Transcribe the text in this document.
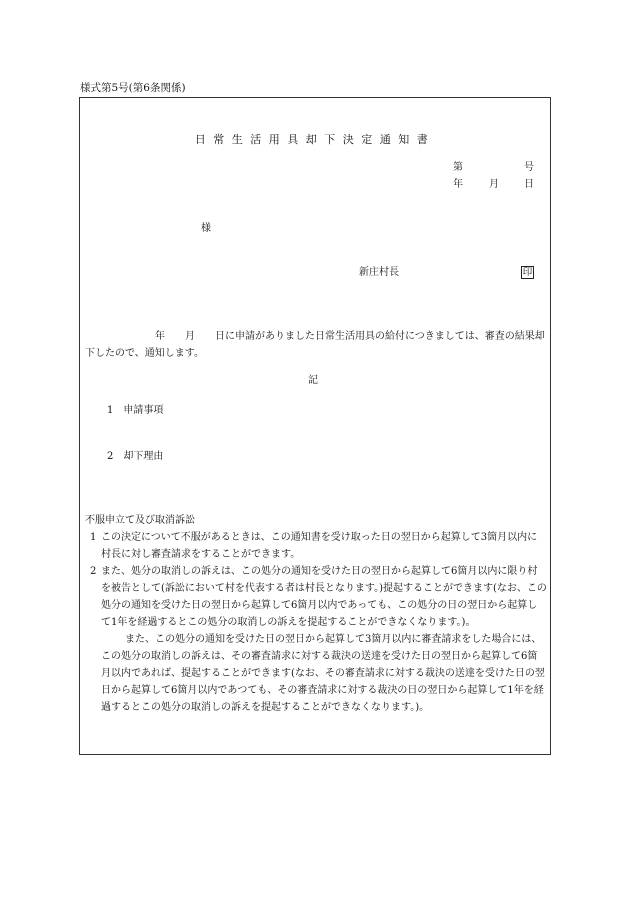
様式第5号(第6条関係)
日常生活用具却下決定通知書
第	号
年	月	日
様
新庄村長	印
年　　 月　　 日に申請がありました日常生活用具の給付につきましては、審査の結果却下したので、通知します。
記
1　 申請事項
2　 却下理由
不服申立て及び取消訴訟
1 この決定について不服があるときは、この通知書を受け取った日の翌日から起算して3箇月以内に村長に対し審査請求をすることができます。
2 また、処分の取消しの訴えは、この処分の通知を受けた日の翌日から起算して6箇月以内に限り村を被告として(訴訟において村を代表する者は村長となります。)提起することができます(なお、この処分の通知を受けた日の翌日から起算して6箇月以内であっても、この処分の日の翌日から起算して1年を経過するとこの処分の取消しの訴えを提起することができなくなります。)。
また、この処分の通知を受けた日の翌日から起算して3箇月以内に審査請求をした場合には、この処分の取消しの訴えは、その審査請求に対する裁決の送達を受けた日の翌日から起算して6箇月以内であれば、提起することができます(なお、その審査請求に対する裁決の送達を受けた日の翌日から起算して6箇月以内であつても、その審査請求に対する裁決の日の翌日から起算して1年を経過するとこの処分の取消しの訴えを提起することができなくなります。)。
